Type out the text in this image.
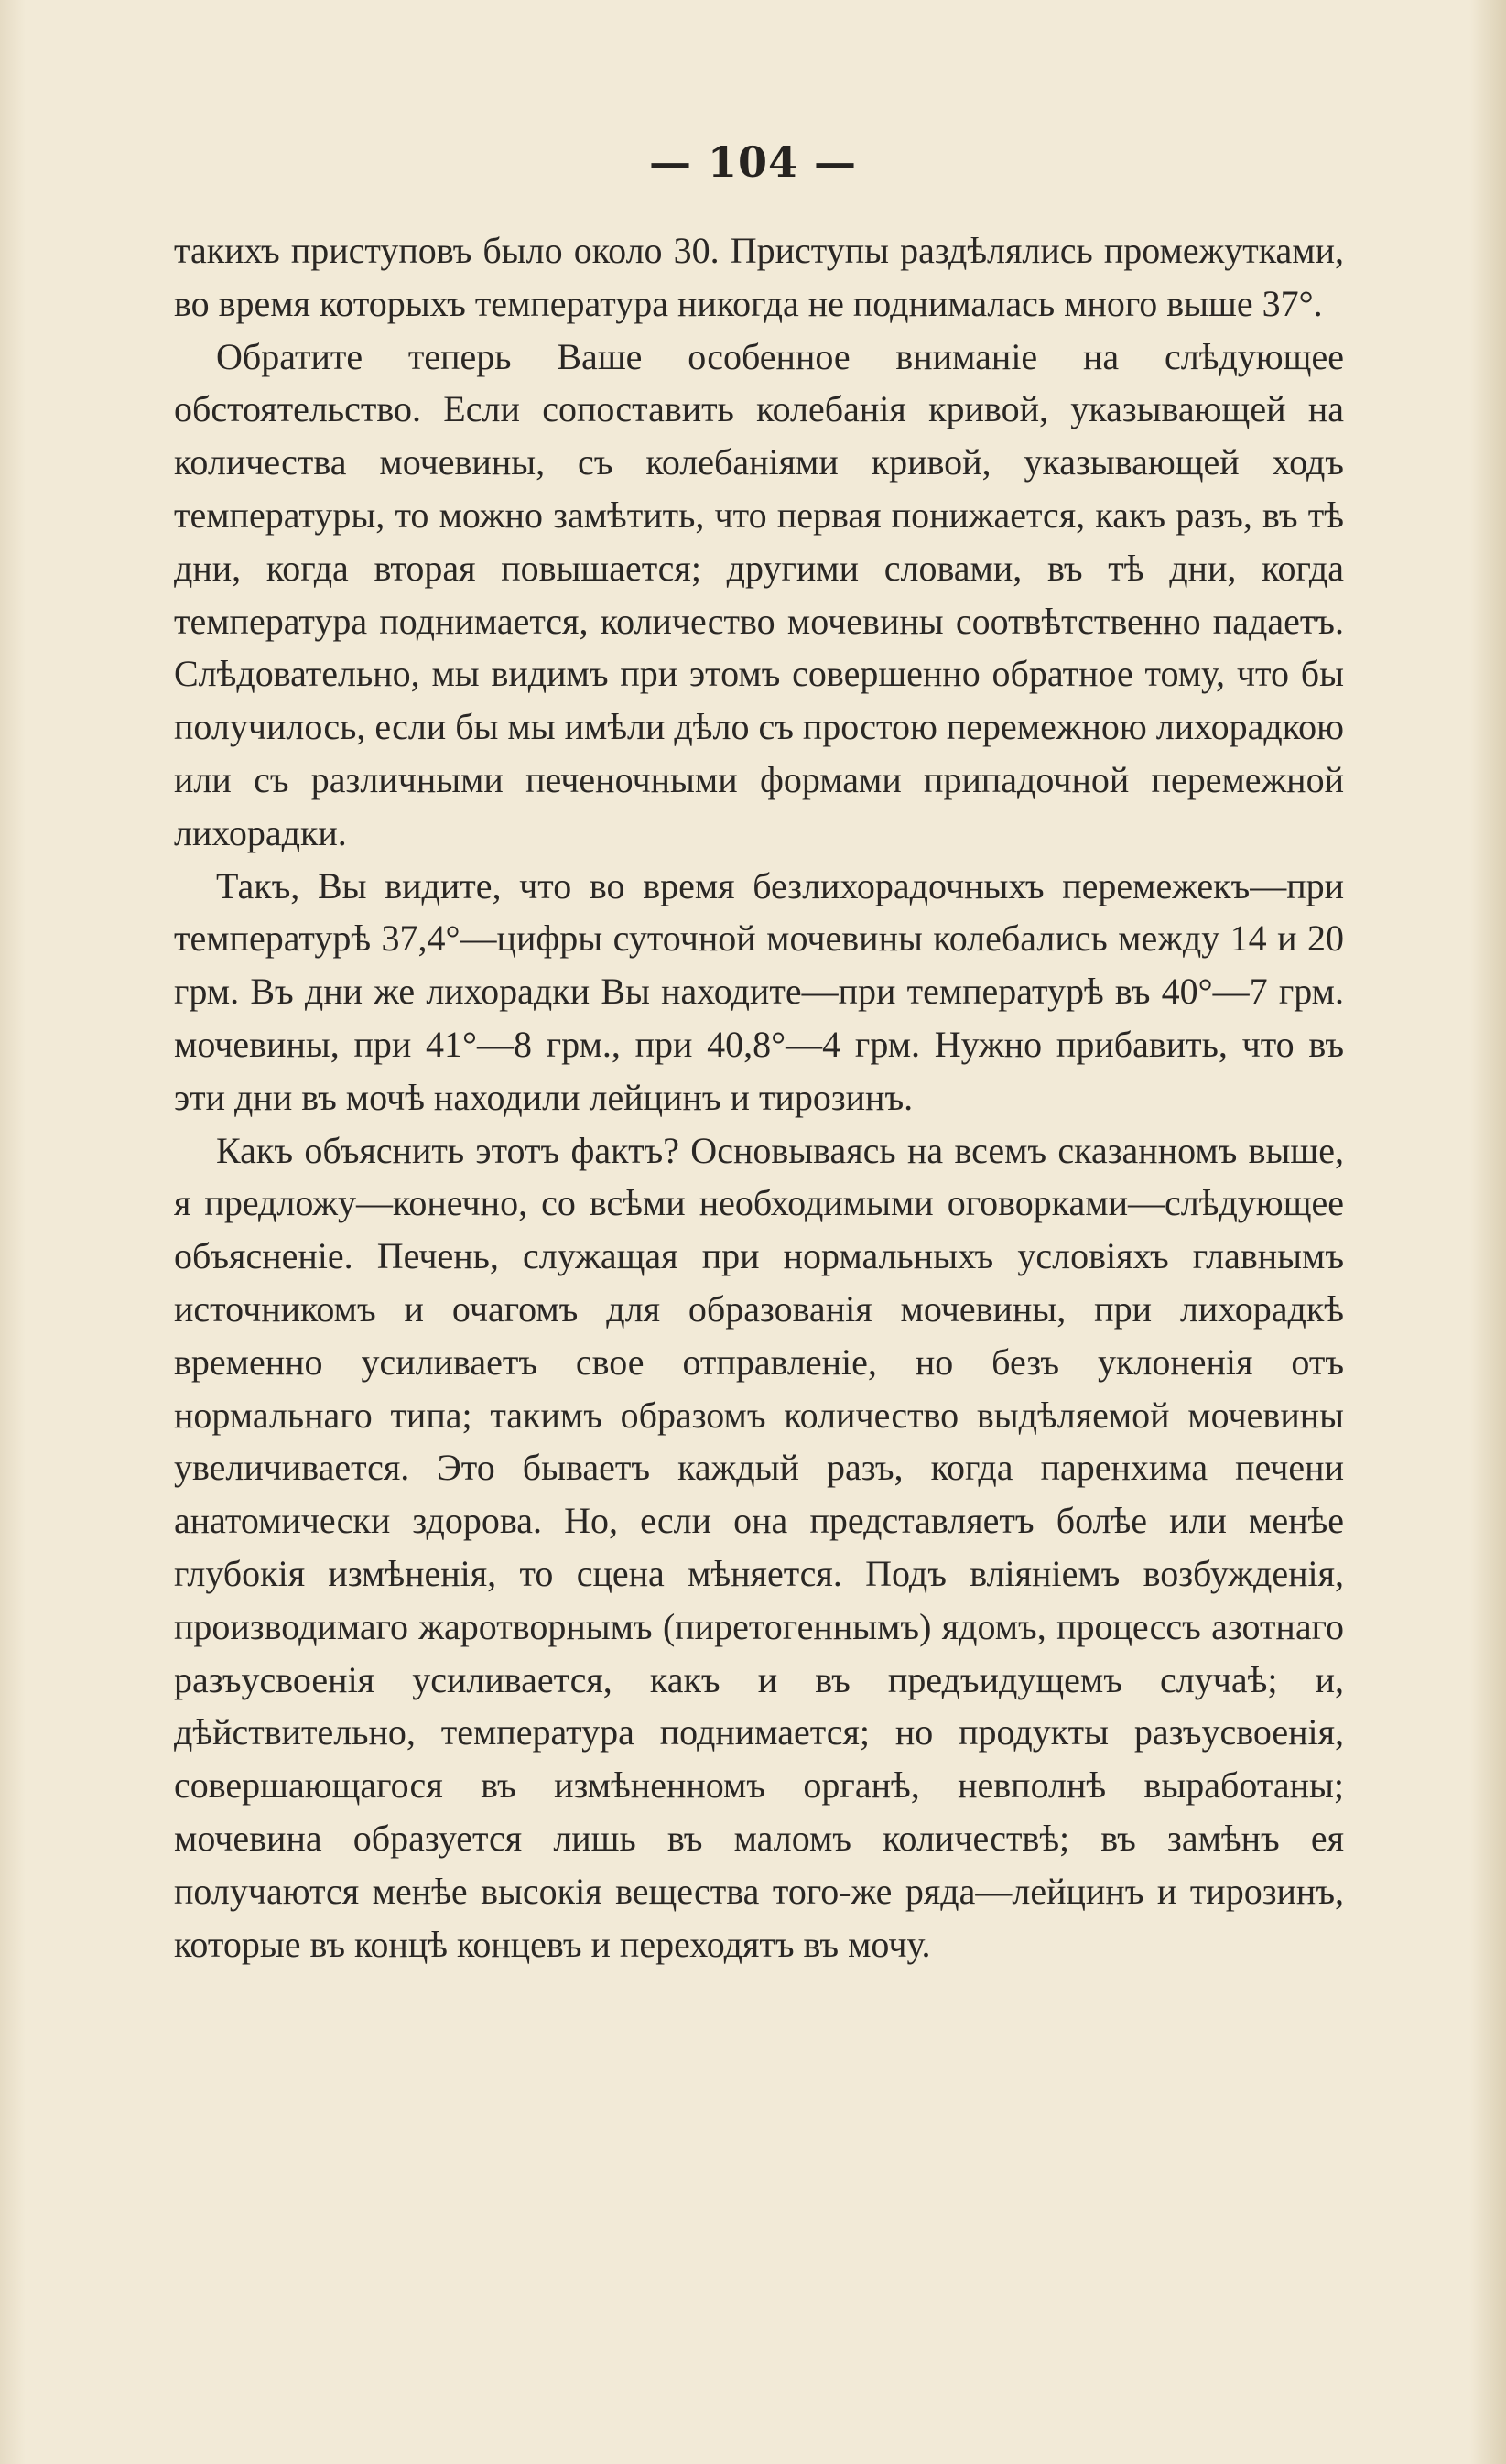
— 104 —

такихъ приступовъ было около 30. Приступы раздѣлялись промежутками, во время которыхъ температура никогда не поднималась много выше 37°.

Обратите теперь Ваше особенное вниманіе на слѣдующее обстоятельство. Если сопоставить колебанія кривой, указывающей на количества мочевины, съ колебаніями кривой, указывающей ходъ температуры, то можно замѣтить, что первая понижается, какъ разъ, въ тѣ дни, когда вторая повышается; другими словами, въ тѣ дни, когда температура поднимается, количество мочевины соотвѣтственно падаетъ. Слѣдовательно, мы видимъ при этомъ совершенно обратное тому, что бы получилось, если бы мы имѣли дѣло съ простою перемежною лихорадкою или съ различными печеночными формами припадочной перемежной лихорадки.

Такъ, Вы видите, что во время безлихорадочныхъ перемежекъ—при температурѣ 37,4°—цифры суточной мочевины колебались между 14 и 20 грм. Въ дни же лихорадки Вы находите—при температурѣ въ 40°—7 грм. мочевины, при 41°—8 грм., при 40,8°—4 грм. Нужно прибавить, что въ эти дни въ мочѣ находили лейцинъ и тирозинъ.

Какъ объяснить этотъ фактъ? Основываясь на всемъ сказанномъ выше, я предложу—конечно, со всѣми необходимыми оговорками—слѣдующее объясненіе. Печень, служащая при нормальныхъ условіяхъ главнымъ источникомъ и очагомъ для образованія мочевины, при лихорадкѣ временно усиливаетъ свое отправленіе, но безъ уклоненія отъ нормальнаго типа; такимъ образомъ количество выдѣляемой мочевины увеличивается. Это бываетъ каждый разъ, когда паренхима печени анатомически здорова. Но, если она представляетъ болѣе или менѣе глубокія измѣненія, то сцена мѣняется. Подъ вліяніемъ возбужденія, производимаго жаротворнымъ (пиретогеннымъ) ядомъ, процессъ азотнаго разъусвоенія усиливается, какъ и въ предъидущемъ случаѣ; и, дѣйствительно, температура поднимается; но продукты разъусвоенія, совершающагося въ измѣненномъ органѣ, невполнѣ выработаны; мочевина образуется лишь въ маломъ количествѣ; въ замѣнъ ея получаются менѣе высокія вещества того-же ряда—лейцинъ и тирозинъ, которые въ концѣ концевъ и переходятъ въ мочу.
